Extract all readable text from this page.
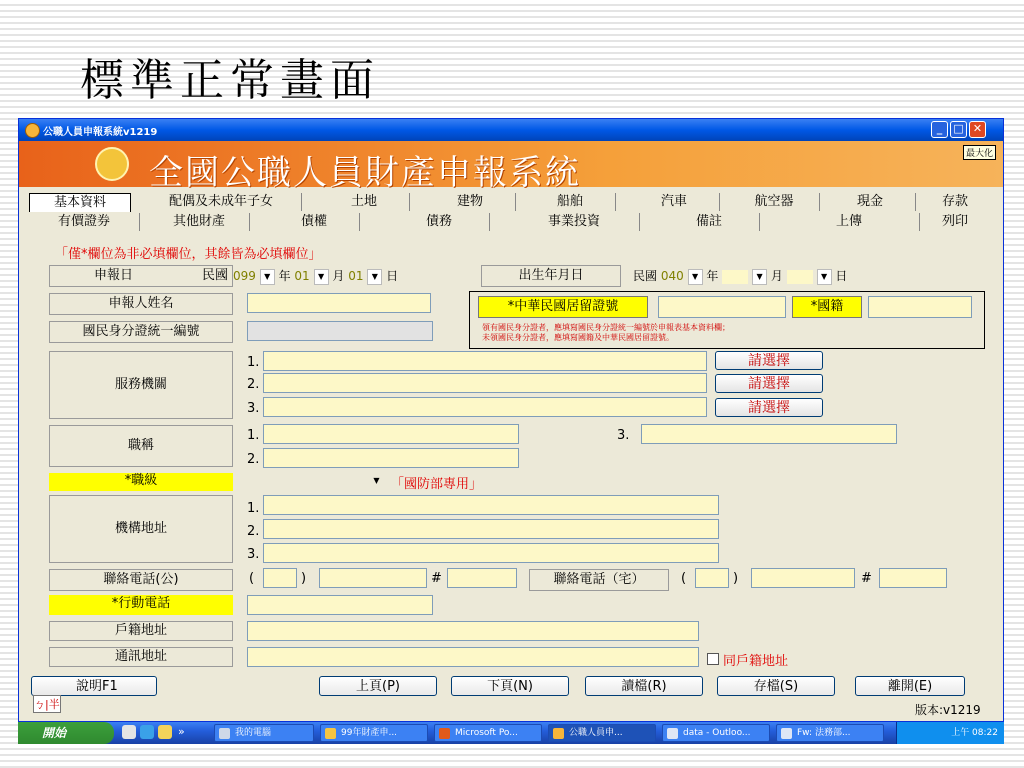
標準正常畫面
公職人員申報系統v1219	_	□ ✕
全國公職人員財產申報系統	最大化
基本資料	配偶及未成年子女	土地	建物	船舶	汽車	航空器	現金	存款
有價證券	其他財產	債權	債務	事業投資	備註	上傳	列印
「僅*欄位為非必填欄位，其餘皆為必填欄位」
申報日	民國 099 ▼ 年 01 ▼ 月 01 ▼ 日	出生年月日	民國 040 ▼ 年	▼ 月	▼ 日
申報人姓名
國民身分證統一編號
*中華民國居留證號	*國籍
領有國民身分證者，應填寫國民身分證統一編號於申報表基本資料欄；
未領國民身分證者，應填寫國籍及中華民國居留證號。
服務機關
1.	請選擇
2.	請選擇
3.	請選擇
職稱
1.	3.
2.
*職級	▼ 「國防部專用」
機構地址
1.
2.
3.
聯絡電話(公)	(	)	#	聯絡電話（宅）	(	)	#
*行動電話
戶籍地址
通訊地址	同戶籍地址
說明F1	上頁(P)	下頁(N)	讀檔(R)	存檔(S)	離開(E)
ㄅ|半	版本:v1219
開始	»	我的電腦	99年財產申...	Microsoft Po...	公職人員申...	data - Outloo...	Fw: 法務部...	上午 08:22
